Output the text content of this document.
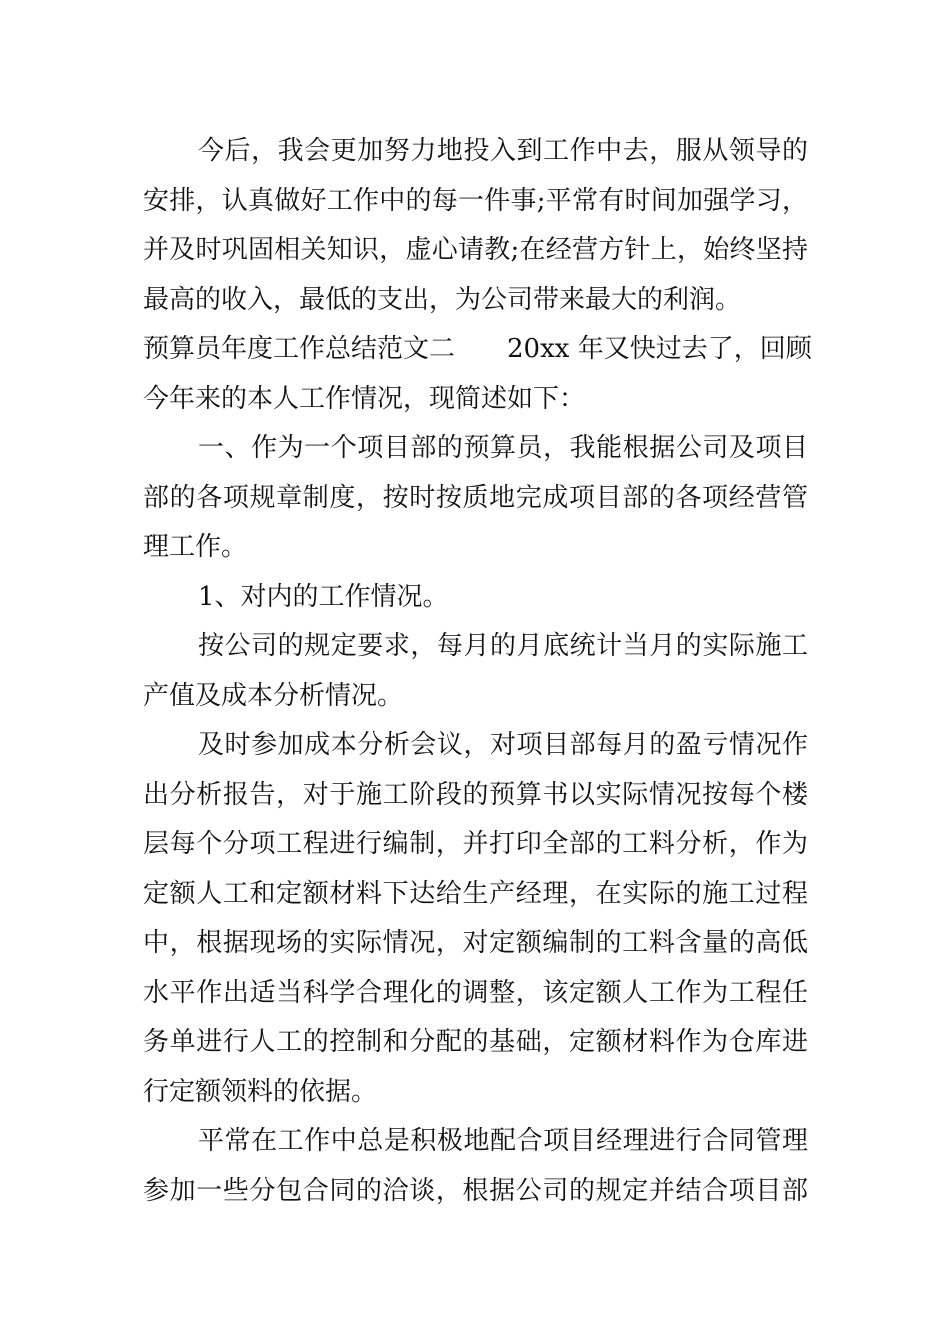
今后，我会更加努力地投入到工作中去，服从领导的
安排，认真做好工作中的每一件事;平常有时间加强学习，
并及时巩固相关知识，虚心请教;在经营方针上，始终坚持
最高的收入，最低的支出，为公司带来最大的利润。
预算员年度工作总结范文二 20xx 年又快过去了，回顾
今年来的本人工作情况，现简述如下：
一、作为一个项目部的预算员，我能根据公司及项目
部的各项规章制度，按时按质地完成项目部的各项经营管
理工作。
1、对内的工作情况。
按公司的规定要求，每月的月底统计当月的实际施工
产值及成本分析情况。
及时参加成本分析会议，对项目部每月的盈亏情况作
出分析报告，对于施工阶段的预算书以实际情况按每个楼
层每个分项工程进行编制，并打印全部的工料分析，作为
定额人工和定额材料下达给生产经理，在实际的施工过程
中，根据现场的实际情况，对定额编制的工料含量的高低
水平作出适当科学合理化的调整，该定额人工作为工程任
务单进行人工的控制和分配的基础，定额材料作为仓库进
行定额领料的依据。
平常在工作中总是积极地配合项目经理进行合同管理
参加一些分包合同的洽谈，根据公司的规定并结合项目部
